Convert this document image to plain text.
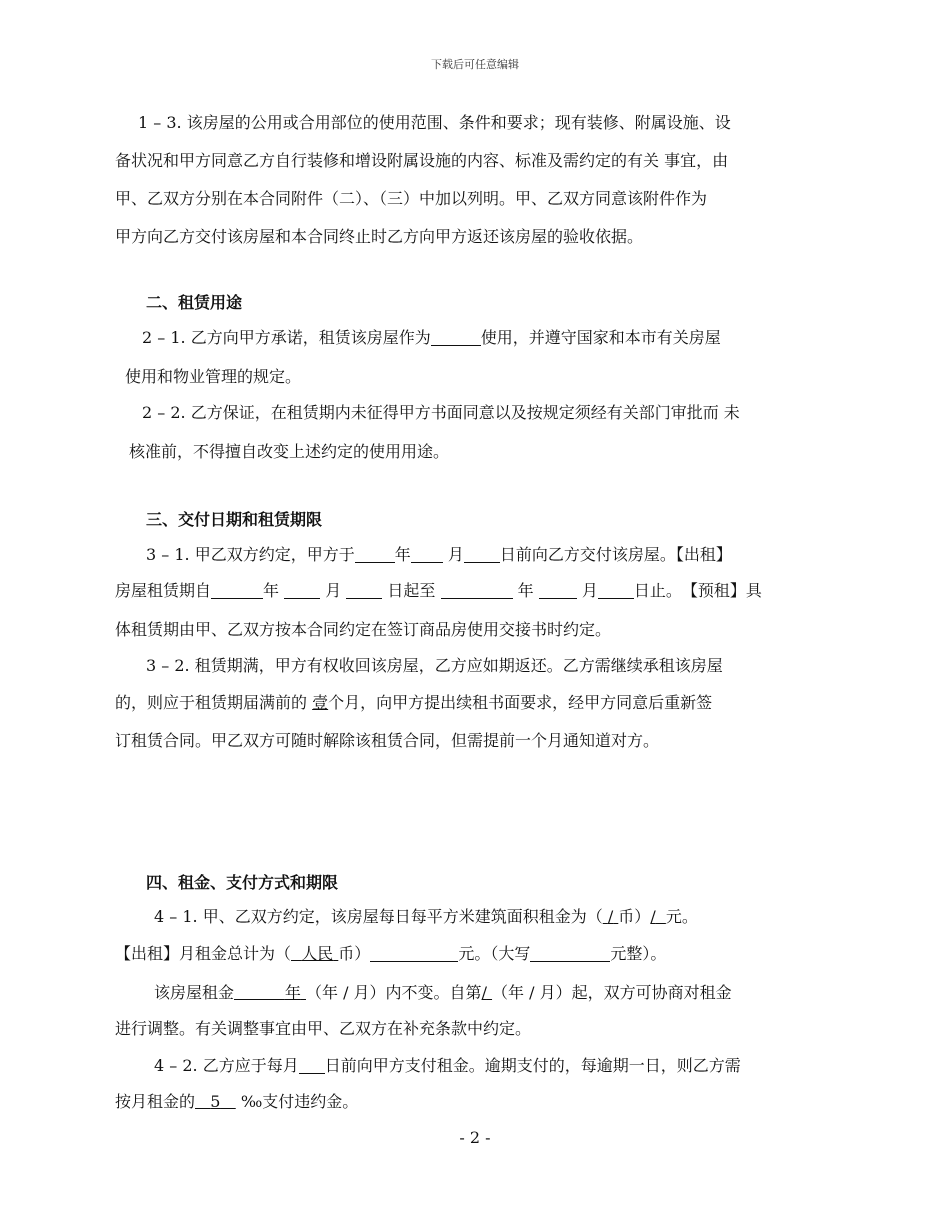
下载后可任意编辑
1 – 3. 该房屋的公用或合用部位的使用范围、条件和要求；现有装修、附属设施、设
备状况和甲方同意乙方自行装修和增设附属设施的内容、标准及需约定的有关 事宜，由
甲、乙双方分别在本合同附件（二）、（三）中加以列明。甲、乙双方同意该附件作为
甲方向乙方交付该房屋和本合同终止时乙方向甲方返还该房屋的验收依据。
二、租赁用途
2 – 1. 乙方向甲方承诺，租赁该房屋作为	使用，并遵守国家和本市有关房屋
使用和物业管理的规定。
2 – 2. 乙方保证，在租赁期内未征得甲方书面同意以及按规定须经有关部门审批而 未
核准前，不得擅自改变上述约定的使用用途。
三、交付日期和租赁期限
3 – 1. 甲乙双方约定，甲方于	年 月 日前向乙方交付该房屋。【出租】
房屋租赁期自	年	月	日起至	年	月 日止。　【预租】具
体租赁期由甲、乙双方按本合同约定在签订商品房使用交接书时约定。
3 – 2. 租赁期满，甲方有权收回该房屋，乙方应如期返还。乙方需继续承租该房屋
的，则应于租赁期届满前的 壹个月，向甲方提出续租书面要求，经甲方同意后重新签
订租赁合同。甲乙双方可随时解除该租赁合同，但需提前一个月通知道对方。
四、租金、支付方式和期限
4 – 1. 甲、乙双方约定，该房屋每日每平方米建筑面积租金为（ / 币）/ 元。
【出租】月租金总计为（ 人民 币）	元。（大写	元整）。
该房屋租金	年 （年 / 月）内不变。自第/ （年 / 月）起，双方可协商对租金
进行调整。有关调整事宜由甲、乙双方在补充条款中约定。
4 – 2. 乙方应于每月 日前向甲方支付租金。逾期支付的，每逾期一日，则乙方需
按月租金的 5 ‰支付违约金。
- 2 -
